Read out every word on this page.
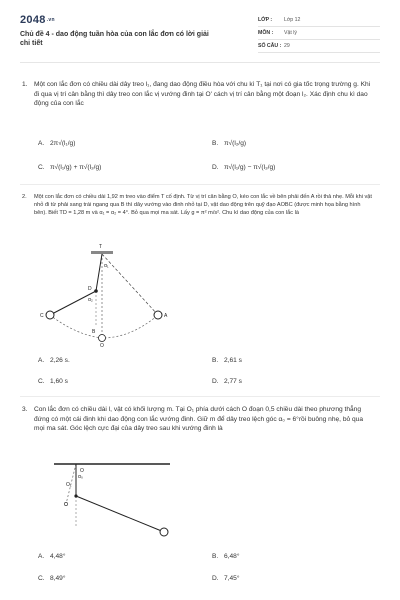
2048.vn
Chủ đề 4 - dao động tuần hòa của con lắc đơn có lời giải chi tiết
LỚP :	Lớp 12
MÔN :	Vật lý
SỐ CÂU : 29
1. Một con lắc đơn có chiều dài dây treo l₁, đang dao động điều hòa với chu kì T₁ tại nơi có gia tốc trọng trường g. Khi đi qua vị trí cân bằng thì dây treo con lắc vị vướng đinh tại O' cách vị trí cân bằng một đoạn l₂. Xác định chu kì dao động của con lắc
A. 2π√(l₁/g)	B. π√(l₂/g)
C. π√(l₁/g) + π√(l₂/g)	D. π√(l₁/g) − π√(l₂/g)
2. Một con lắc đơn có chiều dài 1,92 m treo vào điểm T cố định. Từ vị trí cân bằng O, kéo con lắc về bên phải đến A rồi thả nhẹ. Mỗi khi vật nhỏ đi từ phải sang trái ngang qua B thì dây vướng vào đinh nhỏ tại D, vật dao động trên quỹ đạo AOBC (được minh họa bằng hình bên). Biết TD = 1,28 m và α₁ = α₂ = 4°. Bỏ qua mọi ma sát. Lấy g = π² m/s². Chu kì dao động của con lắc là
T
D
C
B
O
A
α₁
α₂
A. 2,26 s.	B. 2,61 s
C. 1,60 s	D. 2,77 s
3. Con lắc đơn có chiều dài l, vật có khối lượng m. Tại O₁ phía dưới cách O đoạn 0,5 chiều dài theo phương thẳng đứng có một cái đinh khi dao động con lắc vướng đinh. Giữ m để dây treo lệch góc α₀ = 6°rồi buông nhẹ, bỏ qua mọi ma sát. Góc lệch cực đại của dây treo sau khi vướng đinh là
O
O₁
α₀
A. 4,48°	B. 6,48°
C. 8,49°	D. 7,45°
